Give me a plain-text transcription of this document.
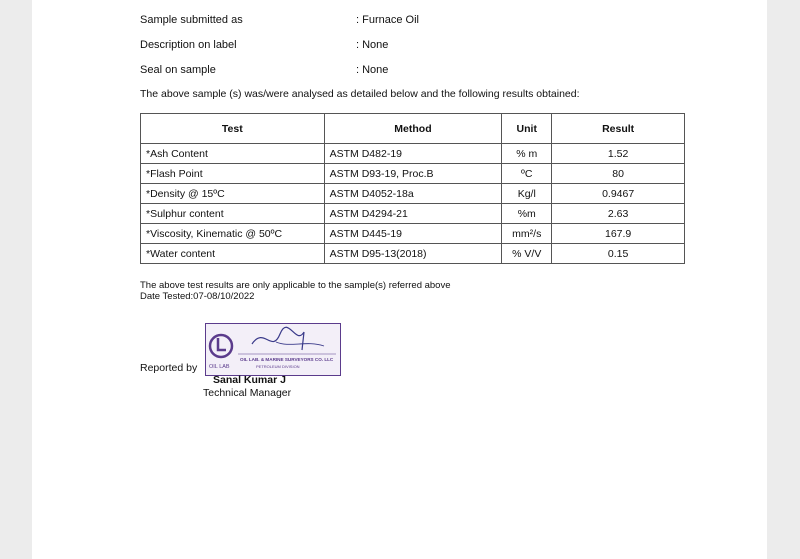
Sample submitted as	: Furnace Oil
Description on label	: None
Seal on sample	: None
The above sample (s) was/were analysed as detailed below and the following results obtained:
Test	Method	Unit	Result
*Ash Content	ASTM D482-19	% m	1.52
*Flash Point	ASTM D93-19, Proc.B	ºC	80
*Density @ 15ºC	ASTM D4052-18a	Kg/l	0.9467
*Sulphur content	ASTM D4294-21	%m	2.63
*Viscosity, Kinematic @ 50ºC	ASTM D445-19	mm²/s	167.9
*Water content	ASTM D95-13(2018)	% V/V	0.15
The above test results are only applicable to the sample(s) referred above
Date Tested:07-08/10/2022
Reported by OIL LAB
OIL LAB. & MARINE SURVEYORS CO. LLC
PETROLEUM DIVISION
Sanal Kumar J
Technical Manager
